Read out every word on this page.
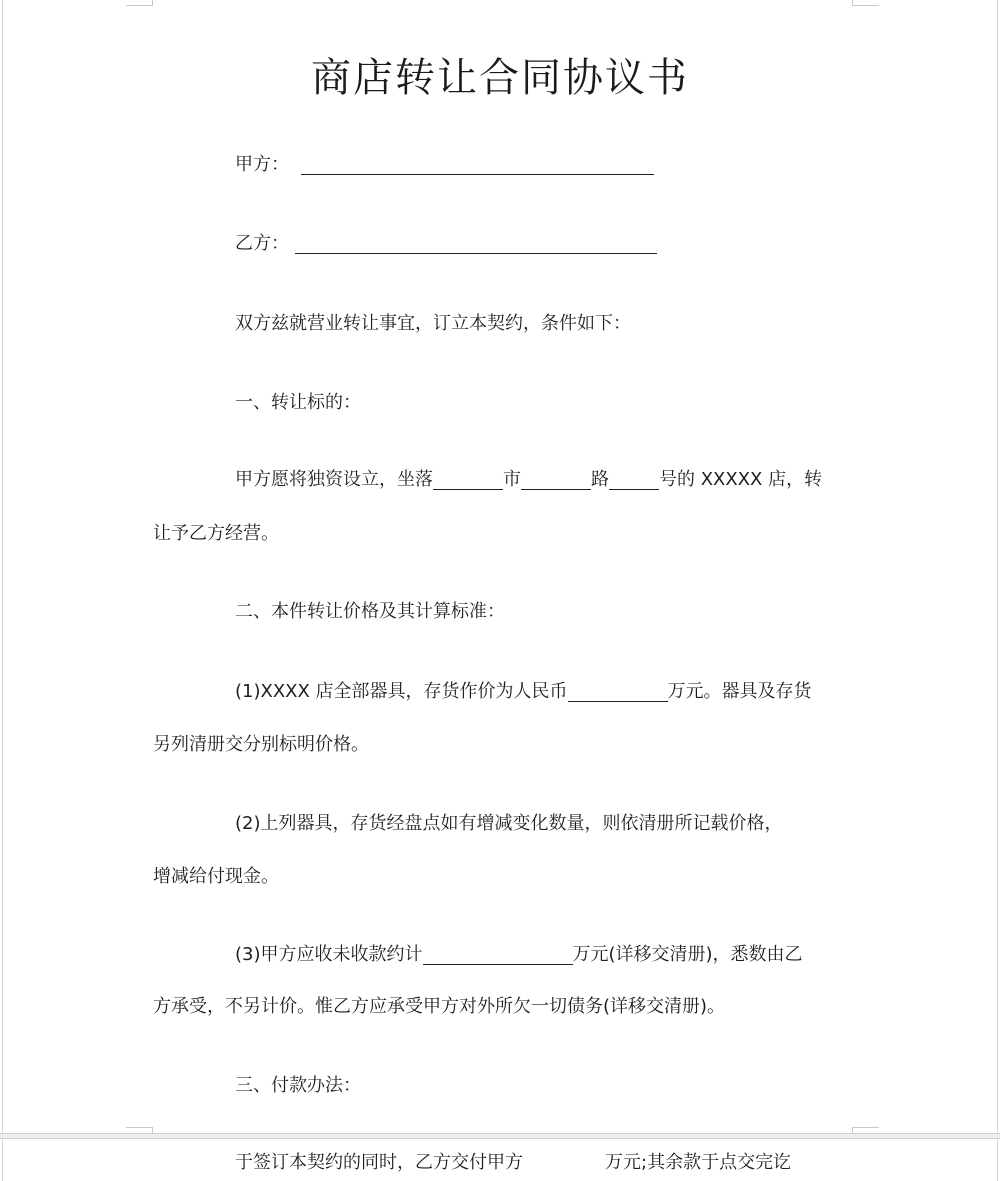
商店转让合同协议书
甲方：
乙方：
双方兹就营业转让事宜，订立本契约，条件如下：
一、转让标的：
甲方愿将独资设立，坐落	市	路	号的 XXXXX 店，转
让予乙方经营。
二、本件转让价格及其计算标准：
(1)XXXX 店全部器具，存货作价为人民币	万元。器具及存货
另列清册交分别标明价格。
(2)上列器具，存货经盘点如有增减变化数量，则依清册所记载价格，
增减给付现金。
(3)甲方应收未收款约计	万元(详移交清册)，悉数由乙
方承受，不另计价。惟乙方应承受甲方对外所欠一切债务(详移交清册)。
三、付款办法：
于签订本契约的同时，乙方交付甲方	万元;其余款于点交完讫
